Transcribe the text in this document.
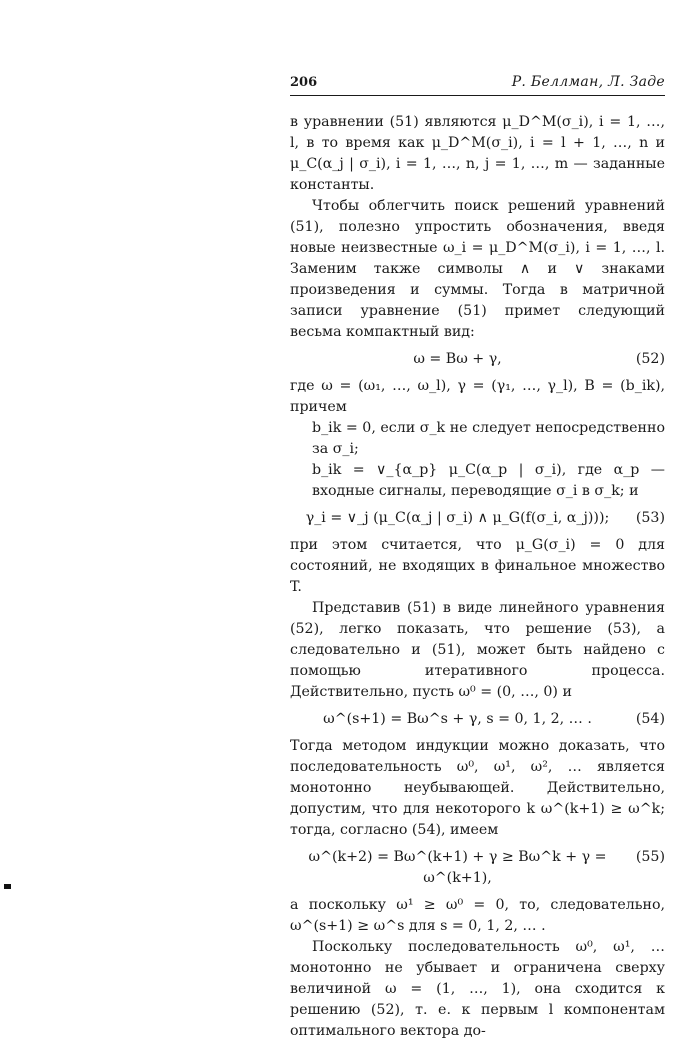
206	Р. Беллман, Л. Заде

в уравнении (51) являются μ_D^M(σ_i), i = 1, …, l, в то время как μ_D^M(σ_i), i = l + 1, …, n и μ_C(α_j | σ_i), i = 1, …, n, j = 1, …, m — заданные константы.

Чтобы облегчить поиск решений уравнений (51), полезно упростить обозначения, введя новые неизвестные ω_i = μ_D^M(σ_i), i = 1, …, l. Заменим также символы ∧ и ∨ знаками произведения и суммы. Тогда в матричной записи уравнение (51) примет следующий весьма компактный вид:

ω = Bω + γ,	(52)

где ω = (ω₁, …, ω_l), γ = (γ₁, …, γ_l), B = (b_ik), причем

b_ik = 0, если σ_k не следует непосредственно за σ_i;

b_ik = ∨_{α_p} μ_C(α_p | σ_i), где α_p — входные сигналы, переводящие σ_i в σ_k; и

γ_i = ∨_j (μ_C(α_j | σ_i) ∧ μ_G(f(σ_i, α_j)));	(53)

при этом считается, что μ_G(σ_i) = 0 для состояний, не входящих в финальное множество T.

Представив (51) в виде линейного уравнения (52), легко показать, что решение (53), а следовательно и (51), может быть найдено с помощью итеративного процесса. Действительно, пусть ω⁰ = (0, …, 0) и

ω^(s+1) = Bω^s + γ, s = 0, 1, 2, … .	(54)

Тогда методом индукции можно доказать, что последовательность ω⁰, ω¹, ω², … является монотонно неубывающей. Действительно, допустим, что для некоторого k ω^(k+1) ≥ ω^k; тогда, согласно (54), имеем

ω^(k+2) = Bω^(k+1) + γ ≥ Bω^k + γ = ω^(k+1),
(55)

а поскольку ω¹ ≥ ω⁰ = 0, то, следовательно, ω^(s+1) ≥ ω^s для s = 0, 1, 2, … .

Поскольку последовательность ω⁰, ω¹, … монотонно не убывает и ограничена сверху величиной ω = (1, …, 1), она сходится к решению (52), т. е. к первым l компонентам оптимального вектора до-
